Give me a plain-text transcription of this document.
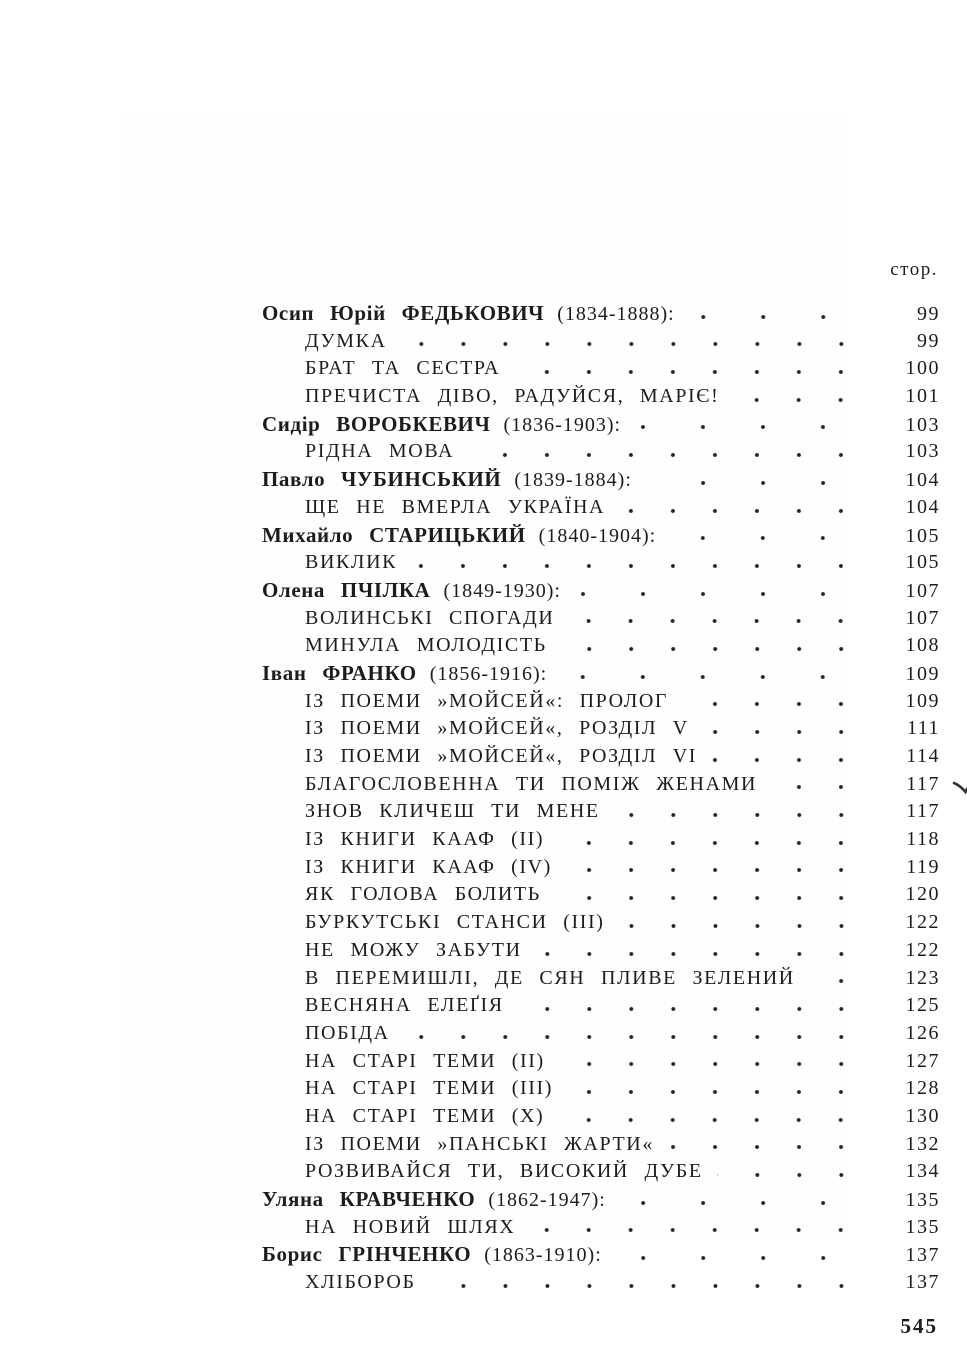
стор.
Осип Юрій ФЕДЬКОВИЧ (1834-1888):	99
ДУМКА	99
БРАТ ТА СЕСТРА	100
ПРЕЧИСТА ДІВО, РАДУЙСЯ, МАРІЄ!	101
Сидір ВОРОБКЕВИЧ (1836-1903):	103
РІДНА МОВА	103
Павло ЧУБИНСЬКИЙ (1839-1884):	104
ЩЕ НЕ ВМЕРЛА УКРАЇНА	104
Михайло СТАРИЦЬКИЙ (1840-1904):	105
ВИКЛИК	105
Олена ПЧІЛКА (1849-1930):	107
ВОЛИНСЬКІ СПОГАДИ	107
МИНУЛА МОЛОДІСТЬ	108
Іван ФРАНКО (1856-1916):	109
ІЗ ПОЕМИ »МОЙСЕЙ«: ПРОЛОГ	109
ІЗ ПОЕМИ »МОЙСЕЙ«, РОЗДІЛ V	111
ІЗ ПОЕМИ »МОЙСЕЙ«, РОЗДІЛ VI	114
БЛАГОСЛОВЕННА ТИ ПОМІЖ ЖЕНАМИ	117
ЗНОВ КЛИЧЕШ ТИ МЕНЕ	117
ІЗ КНИГИ КААФ (II)	118
ІЗ КНИГИ КААФ (IV)	119
ЯК ГОЛОВА БОЛИТЬ	120
БУРКУТСЬКІ СТАНСИ (III)	122
НЕ МОЖУ ЗАБУТИ	122
В ПЕРЕМИШЛІ, ДЕ СЯН ПЛИВЕ ЗЕЛЕНИЙ	123
ВЕСНЯНА ЕЛЕҐІЯ	125
ПОБІДА	126
НА СТАРІ ТЕМИ (II)	127
НА СТАРІ ТЕМИ (III)	128
НА СТАРІ ТЕМИ (X)	130
ІЗ ПОЕМИ »ПАНСЬКІ ЖАРТИ«	132
РОЗВИВАЙСЯ ТИ, ВИСОКИЙ ДУБЕ	134
Уляна КРАВЧЕНКО (1862-1947):	135
НА НОВИЙ ШЛЯХ	135
Борис ГРІНЧЕНКО (1863-1910):	137
ХЛІБОРОБ	137
545
